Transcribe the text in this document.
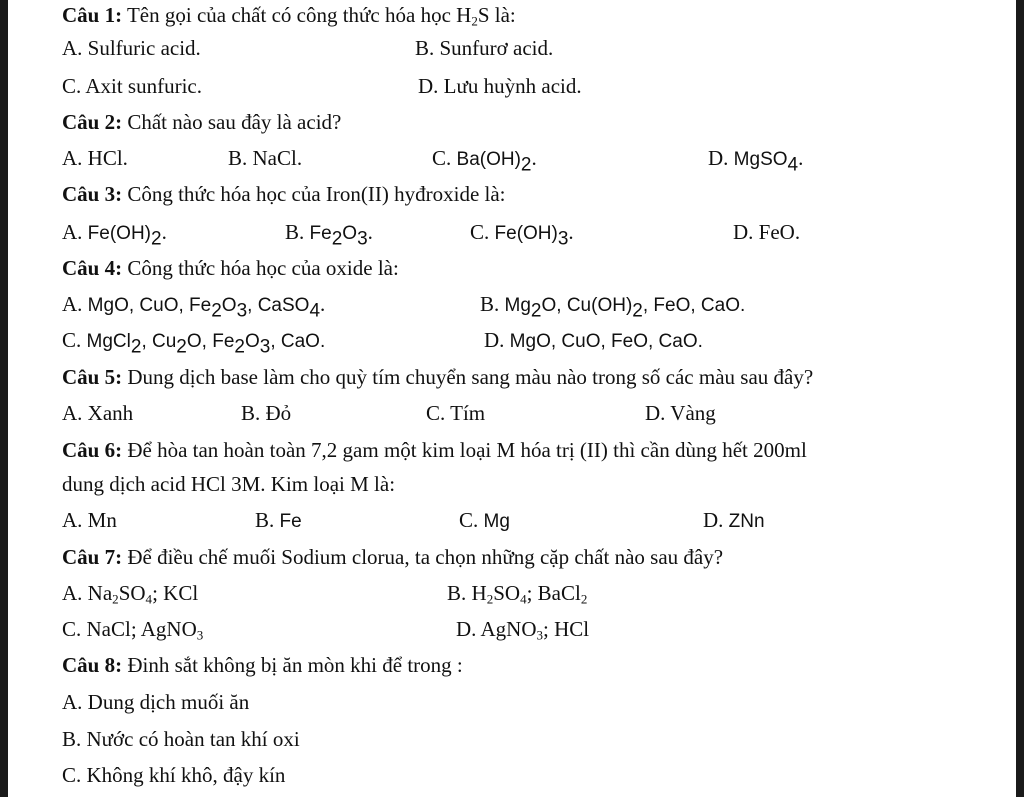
Câu 1: Tên gọi của chất có công thức hóa học $H_2S$ là:
A. Sulfuric acid.	B. Sunfurơ acid.
C. Axit sunfuric.	D. Lưu huỳnh acid.
Câu 2: Chất nào sau đây là acid?
A. HCl.	B. NaCl.	C. $Ba(OH)_2$.	D. MgSO$_4$.
Câu 3: Công thức hóa học của Iron(II) hyđroxide là:
A. $Fe(OH)_2$.	B. $Fe_2O_3$.	C. $Fe(OH)_3$.	D. FeO.
Câu 4: Công thức hóa học của oxide là:
A. MgO, CuO, $Fe_2O_3$, CaSO$_4$.	B. $Mg_2O$, $Cu(OH)_2$, FeO, CaO.
C. MgCl$_2$, $Cu_2O$, $Fe_2O_3$, CaO.	D. MgO, CuO, FeO, CaO.
Câu 5: Dung dịch base làm cho quỳ tím chuyển sang màu nào trong số các màu sau đây?
A. Xanh	B. Đỏ	C. Tím	D. Vàng
Câu 6: Để hòa tan hoàn toàn 7,2 gam một kim loại M hóa trị (II) thì cần dùng hết 200ml
dung dịch acid HCl 3M. Kim loại M là:
A. Mn	B. Fe	C. Mg	D. ZNn
Câu 7: Để điều chế muối Sodium clorua, ta chọn những cặp chất nào sau đây?
A. $Na_2SO_4$; KCl	B. $H_2SO_4$; BaCl$_2$
C. NaCl; AgNO$_3$	D. AgNO$_3$; HCl
Câu 8: Đinh sắt không bị ăn mòn khi để trong :
A. Dung dịch muối ăn
B. Nước có hoàn tan khí oxi
C. Không khí khô, đậy kín
